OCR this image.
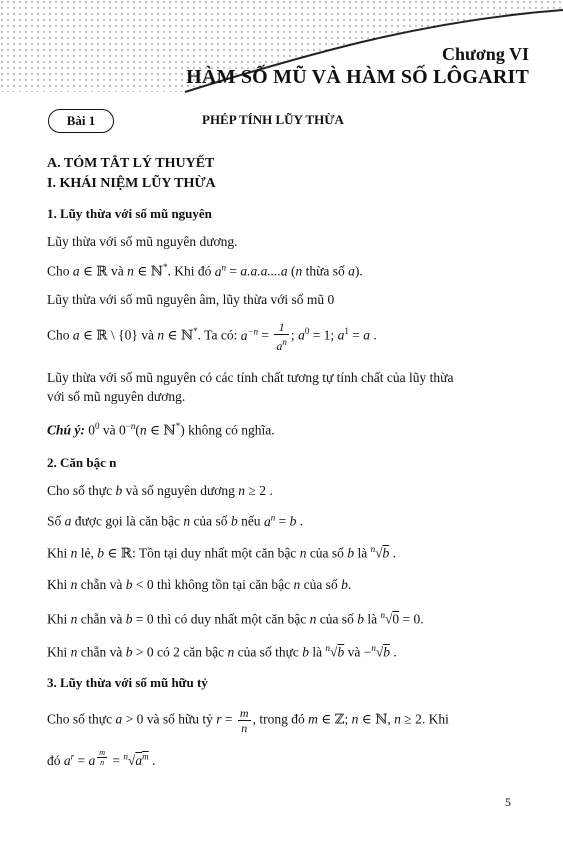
Chương VI
HÀM SỐ MŨ VÀ HÀM SỐ LÔGARIT
Bài 1	PHÉP TÍNH LŨY THỪA
A. TÓM TẮT LÝ THUYẾT
I. KHÁI NIỆM LŨY THỪA
1. Lũy thừa với số mũ nguyên
Lũy thừa với số mũ nguyên dương.
Cho a ∈ ℝ và n ∈ ℕ*. Khi đó $a^n = a.a.a....a$ (n thừa số a).
Lũy thừa với số mũ nguyên âm, lũy thừa với số mũ 0
Cho a ∈ ℝ \ {0} và n ∈ ℕ*. Ta có: $a^{-n} = \frac{1}{a^n}$ ; $a^0 = 1$; $a^1 = a$ .
Lũy thừa với số mũ nguyên có các tính chất tương tự tính chất của lũy thừa
với số mũ nguyên dương.
Chú ý: $0^0$ và $0^{-n}(n$ ∈ ℕ*) không có nghĩa.
2. Căn bậc n
Cho số thực b và số nguyên dương n ≥ 2 .
Số a được gọi là căn bậc n của số b nếu $a^n = b$ .
Khi n lẻ, b ∈ ℝ: Tồn tại duy nhất một căn bậc n của số b là $^n$√b .
Khi n chẵn và b < 0 thì không tồn tại căn bậc n của số b.
Khi n chẵn và b = 0 thì có duy nhất một căn bậc n của số b là $^n$√0 = 0.
Khi n chẵn và b > 0 có 2 căn bậc n của số thực b là $^n$√b và −$^n$√b .
3. Lũy thừa với số mũ hữu tỷ
Cho số thực a > 0 và số hữu tỷ $r = \frac{m}{n}$ , trong đó m ∈ ℤ; n ∈ ℕ, n ≥ 2. Khi
đó $a^r = a$ $^{\frac{m}{n}} = ^n√a^m$ .
5
